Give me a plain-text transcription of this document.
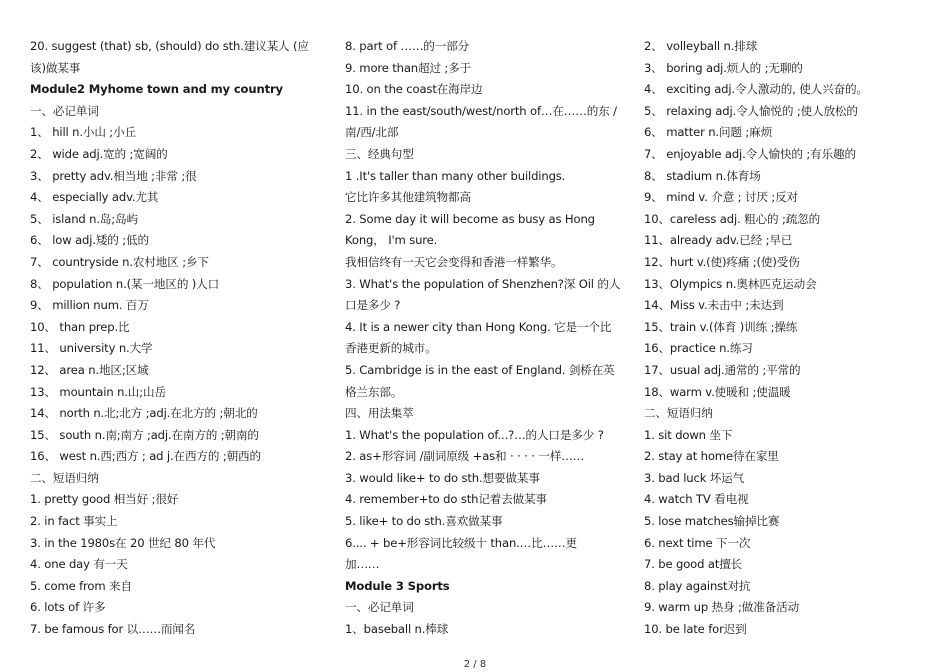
20. suggest (that) sb, (should) do sth.建议某人 (应
该)做某事
Module2 Myhome town and my country
一、必记单词
1、 hill n.小山 ;小丘
2、 wide adj.宽的 ;宽阔的
3、 pretty adv.相当地 ;非常 ;很
4、 especially adv.尤其
5、 island n.岛;岛屿
6、 low adj.矮的 ;低的
7、 countryside n.农村地区 ;乡下
8、 population n.(某一地区的 )人口
9、 million num. 百万
10、 than prep.比
11、 university n.大学
12、 area n.地区;区域
13、 mountain n.山;山岳
14、 north n.北;北方 ;adj.在北方的 ;朝北的
15、 south n.南;南方 ;adj.在南方的 ;朝南的
16、 west n.西;西方 ; ad j.在西方的 ;朝西的
二、短语归纳
1. pretty good 相当好 ;很好
2. in fact 事实上
3. in the 1980s在 20 世纪 80 年代
4. one day 有一天
5. come from 来自
6. lots of 许多
7. be famous for 以……而闻名
8. part of ……的一部分
9. more than超过 ;多于
10. on the coast在海岸边
11. in the east/south/west/north of…在……的东 /
南/西/北部
三、经典句型
1 .It's taller than many other buildings.
它比许多其他建筑物都高
2. Some day it will become as busy as Hong
Kong， I'm sure.
我相信终有一天它会变得和香港一样繁华。
3. What's the population of Shenzhen?深 Oil 的人
口是多少 ?
4. It is a newer city than Hong Kong. 它是一个比
香港更新的城市。
5. Cambridge is in the east of England. 剑桥在英
格兰东部。
四、用法集萃
1. What's the population of...?…的人口是多少 ?
2. as+形容词 /副词原级 +as和 · · · · 一样……
3. would like+ to do sth.想要做某事
4. remember+to do sth记着去做某事
5. like+ to do sth.喜欢做某事
6.... + be+形容词比较级十 than.…比……更
加……
Module 3 Sports
一、必记单词
1、baseball n.棒球
2、 volleyball n.排球
3、 boring adj.烦人的 ;无聊的
4、 exciting adj.令人激动的, 使人兴奋的。
5、 relaxing adj.令人愉悦的 ;使人放松的
6、 matter n.问题 ;麻烦
7、 enjoyable adj.令人愉快的 ;有乐趣的
8、 stadium n.体育场
9、 mind v. 介意 ; 讨厌 ;反对
10、careless adj. 粗心的 ;疏忽的
11、already adv.已经 ;早已
12、hurt v.(使)疼痛 ;(使)受伤
13、Olympics n.奥林匹克运动会
14、Miss v.未击中 ;未达到
15、train v.(体育 )训练 ;操练
16、practice n.练习
17、usual adj.通常的 ;平常的
18、warm v.使暖和 ;使温暖
二、短语归纳
1. sit down 坐下
2. stay at home待在家里
3. bad luck 坏运气
4. watch TV 看电视
5. lose matches输掉比赛
6. next time 下一次
7. be good at擅长
8. play against对抗
9. warm up 热身 ;做准备活动
10. be late for迟到
2 / 8
